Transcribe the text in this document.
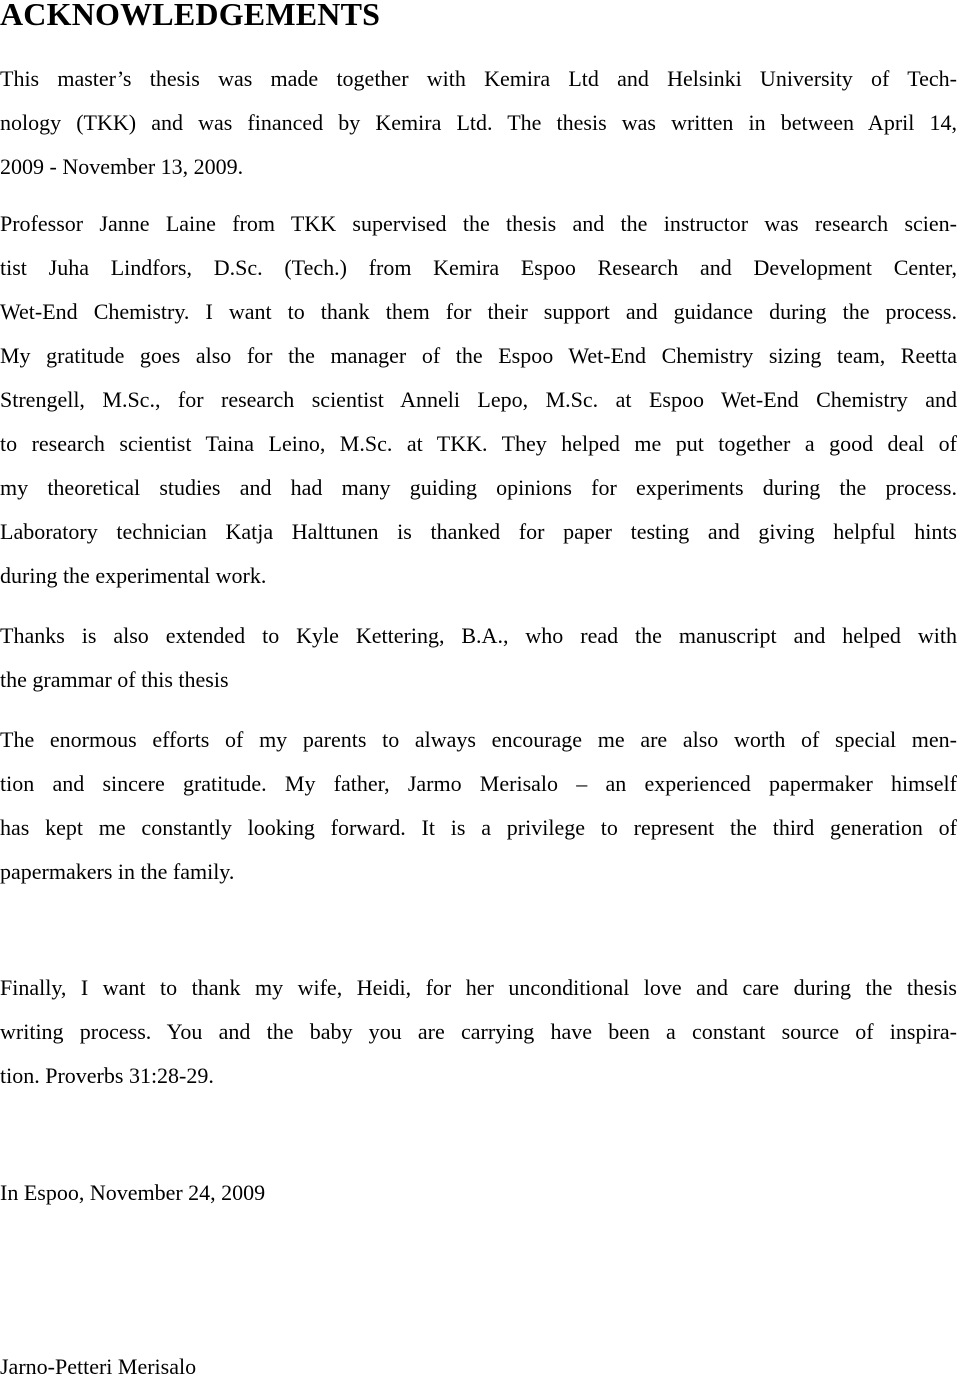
ACKNOWLEDGEMENTS

This master’s thesis was made together with Kemira Ltd and Helsinki University of Tech-
nology (TKK) and was financed by Kemira Ltd. The thesis was written in between April 14,
2009 - November 13, 2009.

Professor Janne Laine from TKK supervised the thesis and the instructor was research scien-
tist Juha Lindfors, D.Sc. (Tech.) from Kemira Espoo Research and Development Center,
Wet-End Chemistry. I want to thank them for their support and guidance during the process.
My gratitude goes also for the manager of the Espoo Wet-End Chemistry sizing team, Reetta
Strengell, M.Sc., for research scientist Anneli Lepo, M.Sc. at Espoo Wet-End Chemistry and
to research scientist Taina Leino, M.Sc. at TKK. They helped me put together a good deal of
my theoretical studies and had many guiding opinions for experiments during the process.
Laboratory technician Katja Halttunen is thanked for paper testing and giving helpful hints
during the experimental work.

Thanks is also extended to Kyle Kettering, B.A., who read the manuscript and helped with
the grammar of this thesis

The enormous efforts of my parents to always encourage me are also worth of special men-
tion and sincere gratitude. My father, Jarmo Merisalo – an experienced papermaker himself
has kept me constantly looking forward. It is a privilege to represent the third generation of
papermakers in the family.

Finally, I want to thank my wife, Heidi, for her unconditional love and care during the thesis
writing process. You and the baby you are carrying have been a constant source of inspira-
tion. Proverbs 31:28-29.

In Espoo, November 24, 2009

Jarno-Petteri Merisalo
